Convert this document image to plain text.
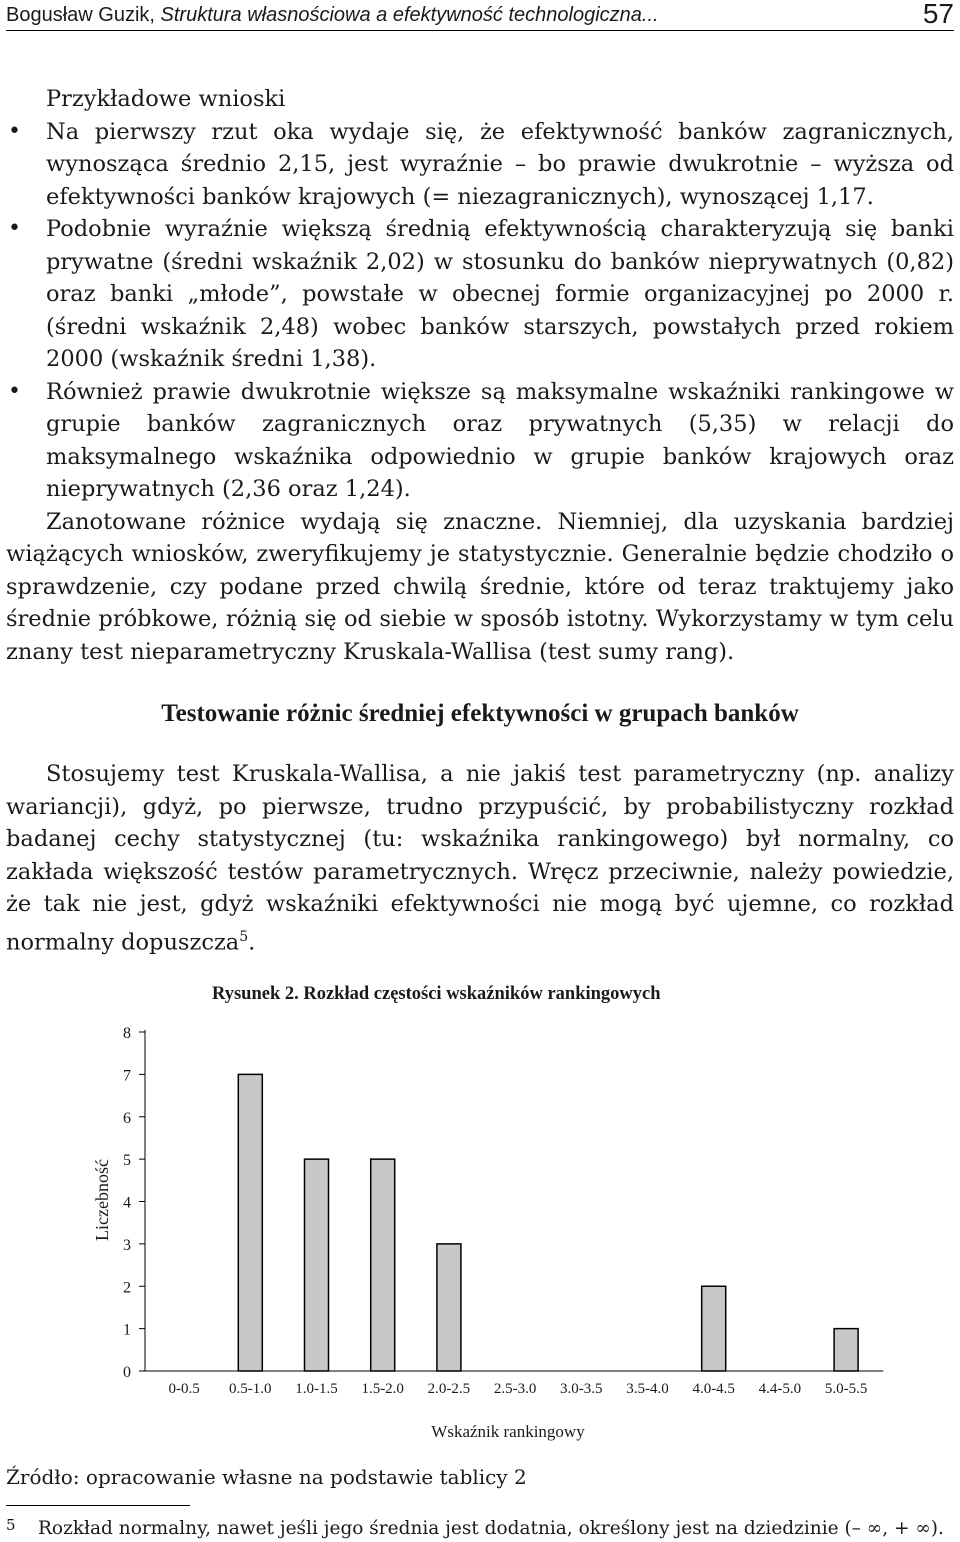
Bogusław Guzik, Struktura własnościowa a efektywność technologiczna...	57

Przykładowe wnioski

• Na pierwszy rzut oka wydaje się, że efektywność banków zagranicznych, wynosząca średnio 2,15, jest wyraźnie – bo prawie dwukrotnie – wyższa od efektywności banków krajowych (= niezagranicznych), wynoszącej 1,17.
• Podobnie wyraźnie większą średnią efektywnością charakteryzują się banki prywatne (średni wskaźnik 2,02) w stosunku do banków nieprywatnych (0,82) oraz banki „młode”, powstałe w obecnej formie organizacyjnej po 2000 r. (średni wskaźnik 2,48) wobec banków starszych, powstałych przed rokiem 2000 (wskaźnik średni 1,38).
• Również prawie dwukrotnie większe są maksymalne wskaźniki rankingowe w grupie banków zagranicznych oraz prywatnych (5,35) w relacji do maksymalnego wskaźnika odpowiednio w grupie banków krajowych oraz nieprywatnych (2,36 oraz 1,24).

Zanotowane różnice wydają się znaczne. Niemniej, dla uzyskania bardziej wiążących wniosków, zweryfikujemy je statystycznie. Generalnie będzie chodziło o sprawdzenie, czy podane przed chwilą średnie, które od teraz traktujemy jako średnie próbkowe, różnią się od siebie w sposób istotny. Wykorzystamy w tym celu znany test nieparametryczny Kruskala-Wallisa (test sumy rang).

Testowanie różnic średniej efektywności w grupach banków

Stosujemy test Kruskala-Wallisa, a nie jakiś test parametryczny (np. analizy wariancji), gdyż, po pierwsze, trudno przypuścić, by probabilistyczny rozkład badanej cechy statystycznej (tu: wskaźnika rankingowego) był normalny, co zakłada większość testów parametrycznych. Wręcz przeciwnie, należy powiedzie, że tak nie jest, gdyż wskaźniki efektywności nie mogą być ujemne, co rozkład normalny dopuszcza$^5$.

Rysunek 2. Rozkład częstości wskaźników rankingowych
0
1
2
3
4
5
6
7
8
0-0.5 0.5-1.0 1.0-1.5 1.5-2.0 2.0-2.5 2.5-3.0 3.0-3.5 3.5-4.0 4.0-4.5 4.4-5.0 5.0-5.5
Wskaźnik rankingowy
Liczebność
Źródło: opracowanie własne na podstawie tablicy 2
5 Rozkład normalny, nawet jeśli jego średnia jest dodatnia, określony jest na dziedzinie (– ∞, + ∞).
